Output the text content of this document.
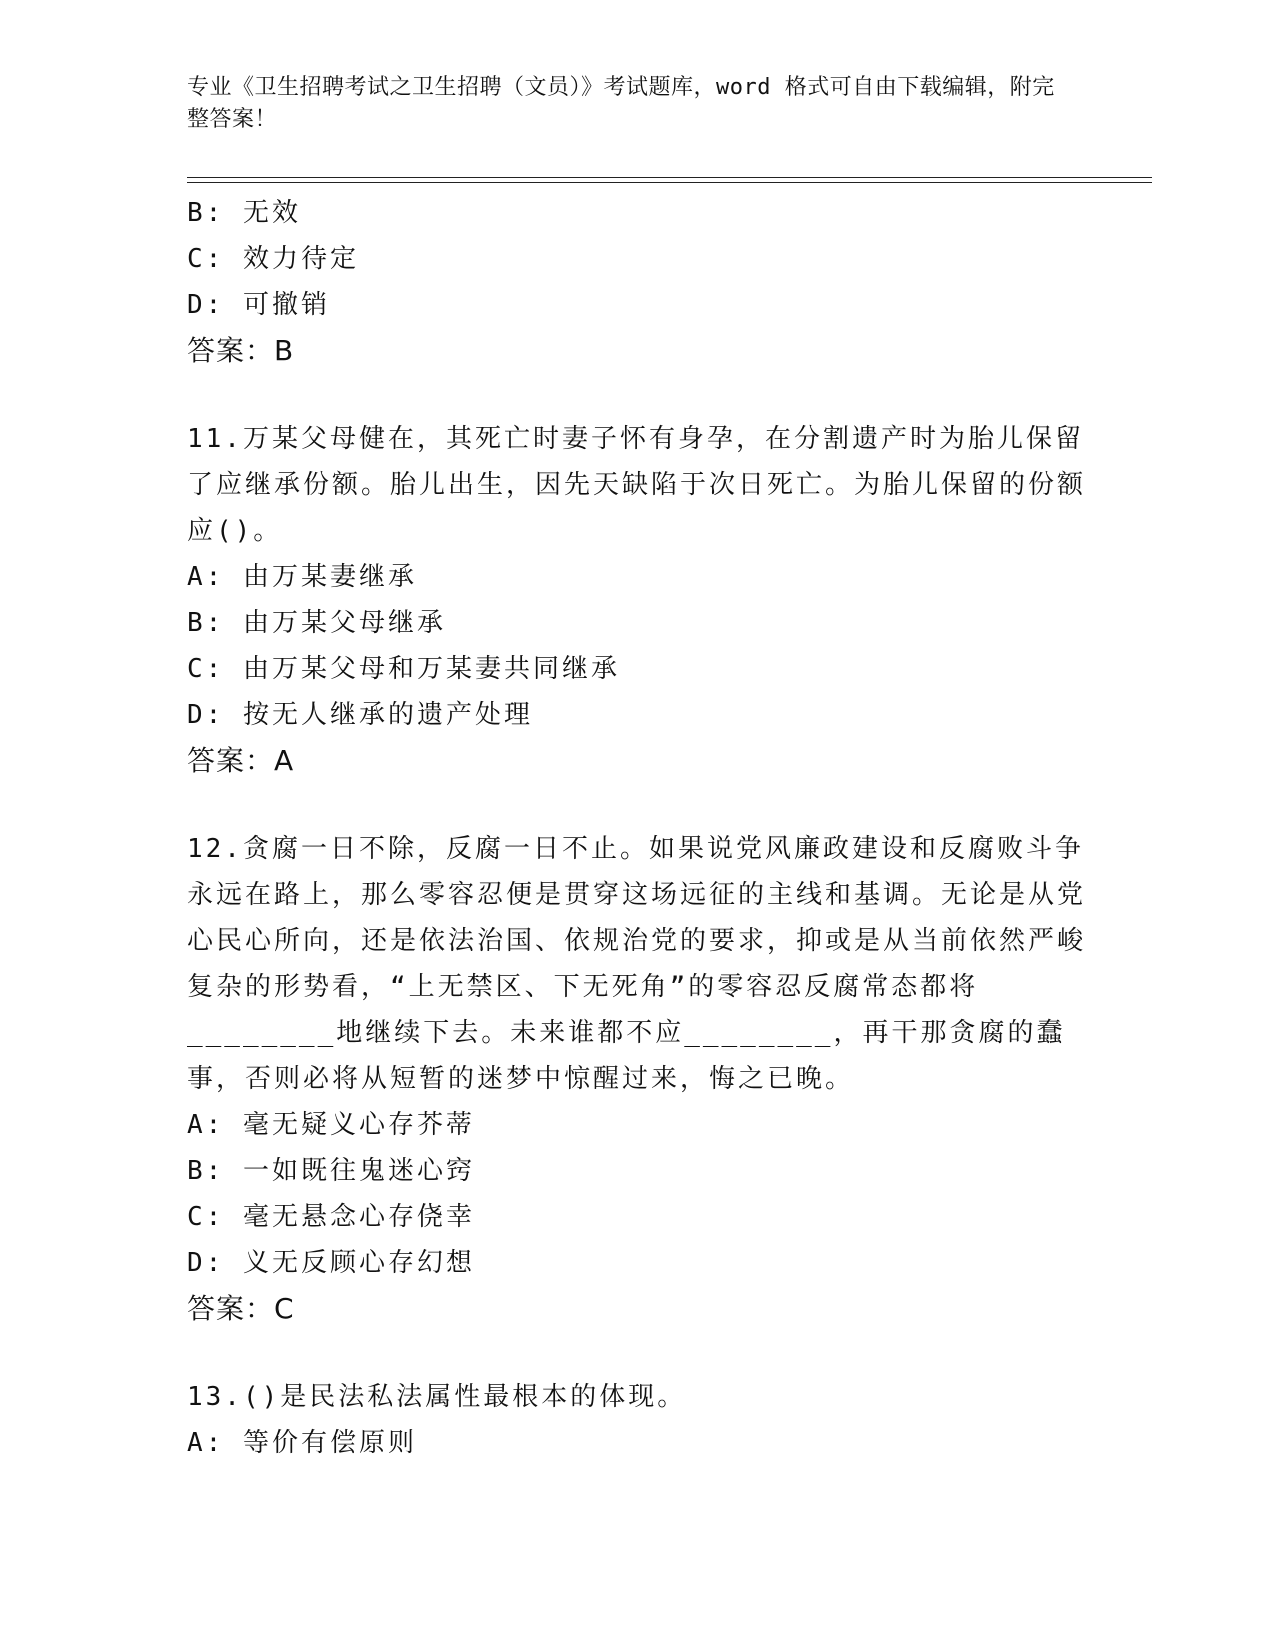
专业《卫生招聘考试之卫生招聘（文员）》考试题库，word 格式可自由下载编辑，附完整答案！
B: 无效
C: 效力待定
D: 可撤销
答案：B
11.万某父母健在，其死亡时妻子怀有身孕，在分割遗产时为胎儿保留了应继承份额。胎儿出生，因先天缺陷于次日死亡。为胎儿保留的份额应()。
A: 由万某妻继承
B: 由万某父母继承
C: 由万某父母和万某妻共同继承
D: 按无人继承的遗产处理
答案：A
12.贪腐一日不除，反腐一日不止。如果说党风廉政建设和反腐败斗争永远在路上，那么零容忍便是贯穿这场远征的主线和基调。无论是从党心民心所向，还是依法治国、依规治党的要求，抑或是从当前依然严峻复杂的形势看，“上无禁区、下无死角”的零容忍反腐常态都将________地继续下去。未来谁都不应________，再干那贪腐的蠢事，否则必将从短暂的迷梦中惊醒过来，悔之已晚。
A: 毫无疑义心存芥蒂
B: 一如既往鬼迷心窍
C: 毫无悬念心存侥幸
D: 义无反顾心存幻想
答案：C
13.()是民法私法属性最根本的体现。
A: 等价有偿原则
